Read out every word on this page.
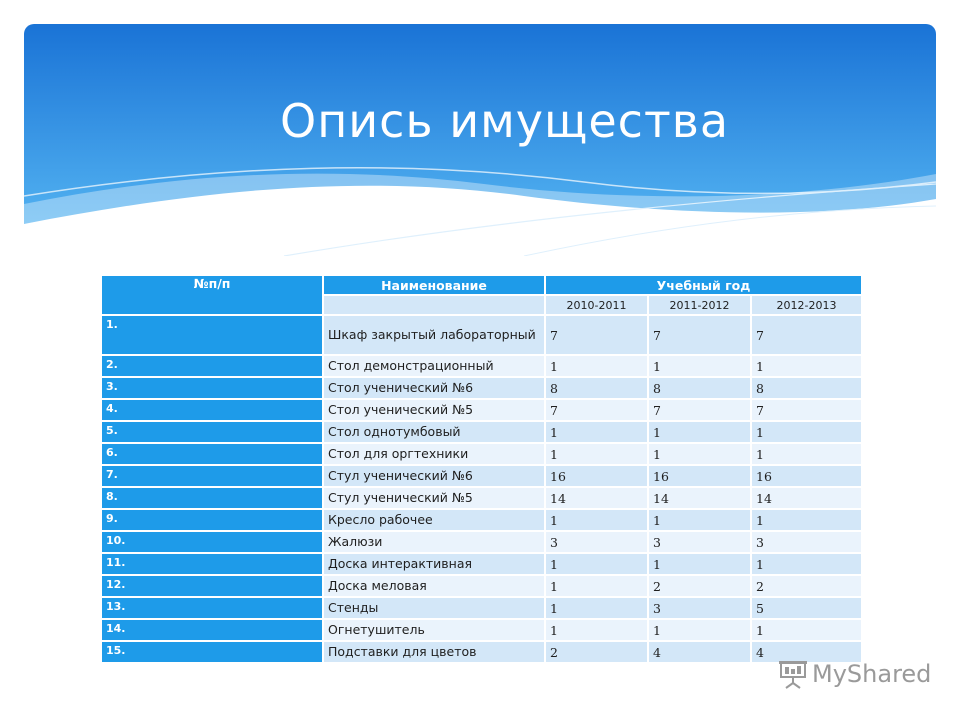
Опись имущества
№п/п	Наименование	Учебный год		
		2010-2011	2011-2012	2012-2013
1.	Шкаф закрытый лабораторный	7	7	7
2.	Стол демонстрационный	1	1	1
3.	Стол ученический №6	8	8	8
4.	Стол ученический №5	7	7	7
5.	Стол однотумбовый	1	1	1
6.	Стол для оргтехники	1	1	1
7.	Стул ученический №6	16	16	16
8.	Стул ученический №5	14	14	14
9.	Кресло рабочее	1	1	1
10.	Жалюзи	3	3	3
11.	Доска интерактивная	1	1	1
12.	Доска меловая	1	2	2
13.	Стенды	1	3	5
14.	Огнетушитель	1	1	1
15.	Подставки для цветов	2	4	4
MyShared
